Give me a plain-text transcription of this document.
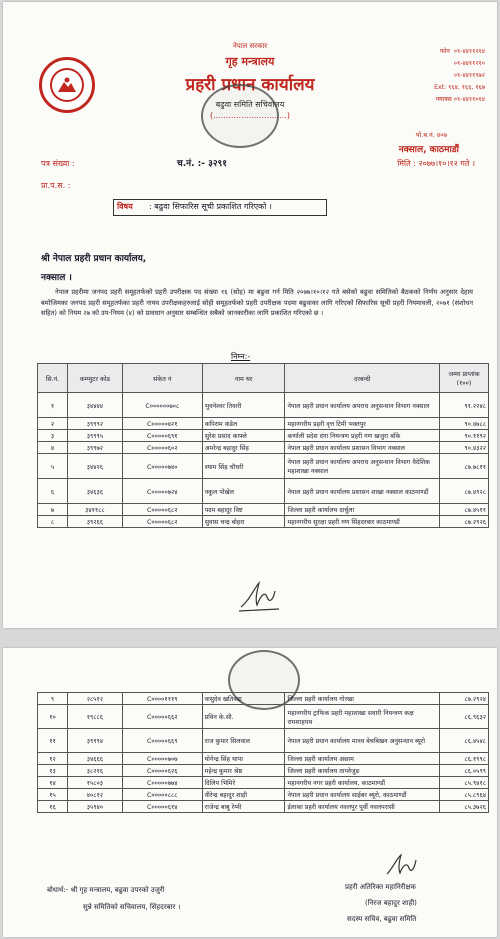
नेपाल सरकार
गृह मन्त्रालय
प्रहरी प्रधान कार्यालय
बढुवा समिति सचिवालय
(.............................)
फोन ०१-४४११२१४
०१-४४११२१०
०१-४४११९७२
Ext: १६४, १६६, १६७
फ्याक्स ०१-४४११०१४
पो.ब.नं. ४०७
नक्साल, काठमाडौं
पत्र संख्या :	च.नं. :- ३२९१	मिति : २०७७।१०।१२ गते ।
प्रा.प.स. :
विषय : बढुवा सिफारिस सूची प्रकाशित गरिएको ।
श्री नेपाल प्रहरी प्रधान कार्यालय,
नक्साल ।
नेपाल प्रहरीमा जनपद प्रहरी समूहतर्फको प्रहरी उपरीक्षक पद संख्या १६ (सोह) मा बढुवा गर्न मिति २०७७।१०।१२ गते बसेको बढुवा समितिको बैठकको निर्णय अनुसार देहाय बमोजिमका जनपद प्रहरी समूहतर्फका प्रहरी नायव उपरीक्षकहरुलाई सोही समूहतर्फको प्रहरी उपरीक्षक पदमा बढुवाका लागि गरिएको सिफारिस सूची प्रहरी नियमावली, २०७१ (संशोधन सहित) को नियम २७ को उप-नियम (४) को प्रावधान अनुसार सम्बन्धित सबैको जानकारीका लागि प्रकाशित गरिएको छ ।
निम्न:-
सि.नं.	कम्प्युटर कोड	संकेत नं	नाम थर	दरबन्दी	जम्मा प्राप्तांक (१००)
१	३४४४४	C००००००७०८	भुवनेश्वर तिवारी	नेपाल प्रहरी प्रधान कार्यालय अपराध अनुसन्धान विभाग नक्साल	९१.२२४८
२	३९९९२	C०००००४२१	कपिराम कंडेल	महानगरीय प्रहरी वृत्त टिमी भक्तपुर	९०.४७८८
३	३९९९५	C०००००६९१	सुरेश प्रसाद काफ्ले	कर्णाली प्रदेश दंगा नियन्त्रण प्रहरी गण खजुरा बाँके	९०.११९२
४	३९९७२	C०००००६०२	अमरेन्द्र बहादुर सिंह	नेपाल प्रहरी प्रधान कार्यालय प्रशासन विभाग नक्साल	९०.४३२२
५	३४४२६	C०००००७४०	श्याम सिंह चौधरी	नेपाल प्रहरी प्रधान कार्यालय अपराध अनुसन्धान विभाग वैदेशिक महाशाखा नक्साल	८७.७८११
६	३४६३६	C०००००७२४	नकुल पोखेल	नेपाल प्रहरी प्रधान कार्यालय प्रशासन शाखा नक्साल काठमाण्डौं	८७.४९२८
७	३४११८८	C०००००६८२	पदम बहादुर विष्ट	जिल्ला प्रहरी कार्यालय दार्चुला	८७.४५११
८	३९२६६	C०००००६८२	सुवास चन्द्र बोहरा	महानगरीय सुरक्षा प्रहरी गण सिंहदरबार काठमाण्डौं	८७.२९२६
९	२८५१२	C००००१११९	वासुदेव खतिवडा	जिल्ला प्रहरी कार्यालय गोरखा	८७.२९२४
१०	१९८८६	C०००००६६२	प्रविन के.सी.	महानगरीय ट्राफिक प्रहरी महाशाखा सवारी नियन्त्रण कक्ष रामशाहपथ	८६.९६३२
११	३९९९४	C०००००६६९	राज कुमार सिलवाल	नेपाल प्रहरी प्रधान कार्यालय मानव बेचबिखन अनुसन्धान ब्यूरो	८६.४५४८
१२	३४६६६	C०००००७०७	योगेन्द्र सिंह थापा	जिल्ला प्रहरी कार्यालय अछाम	८६.१९९८
१३	३८२१६	C०००००६२६	महेन्द्र कुमार श्रेष्ठ	जिल्ला प्रहरी कार्यालय ताप्लेजुङ	८६.०५९९
१४	१५८०३	C०००००७७४	दिलिप भिमिरे	महानगरीय नगर प्रहरी कार्यालय, काठमाण्डौं	८५.९४१८
१५	४०८१२	C०००००८८८	वीरेन्द्र बहादुर शाही	नेपाल प्रहरी प्रधान कार्यालय साईबर ब्यूरो, काठमाण्डौं	८५.८९६४
१६	३५९४०	C०००००६१४	राजेन्द्र बाबु रेग्मी	ईलाका प्रहरी कार्यालय नवलपुर पूर्वी नवलपरासी	८५.३७२६
बोधार्थ:- श्री गृह मन्त्रालय, बढुवा उपरको उजुरी
सुन्ने समितिको सचिवालय, सिंहदरबार ।
प्रहरी अतिरिक्त महानिरीक्षक
(निरज बहादुर शाही)
सदस्य सचिव, बढुवा समिति
